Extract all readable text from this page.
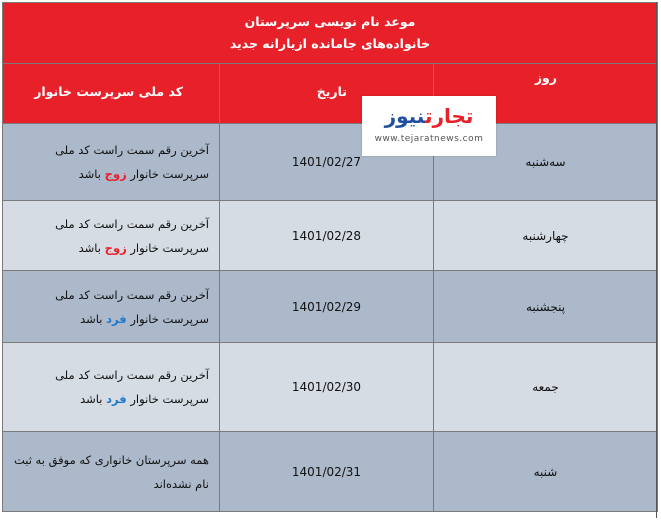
موعد نام نویسی سرپرستان
خانواده‌های جامانده ازیارانه جدید
روز	تاریخ	کد ملی سرپرست خانوار
سه‌شنبه	1401/02/27	آخرین رقم سمت راست کد ملی سرپرست خانوار زوج باشد
چهارشنبه	1401/02/28	آخرین رقم سمت راست کد ملی سرپرست خانوار زوج باشد
پنجشنبه	1401/02/29	آخرین رقم سمت راست کد ملی سرپرست خانوار فرد باشد
جمعه	1401/02/30	آخرین رقم سمت راست کد ملی سرپرست خانوار فرد باشد
شنبه	1401/02/31	همه سرپرستان خانواری که موفق به ثبت نام نشده‌اند
تجارتنیوز
www.tejaratnews.com
